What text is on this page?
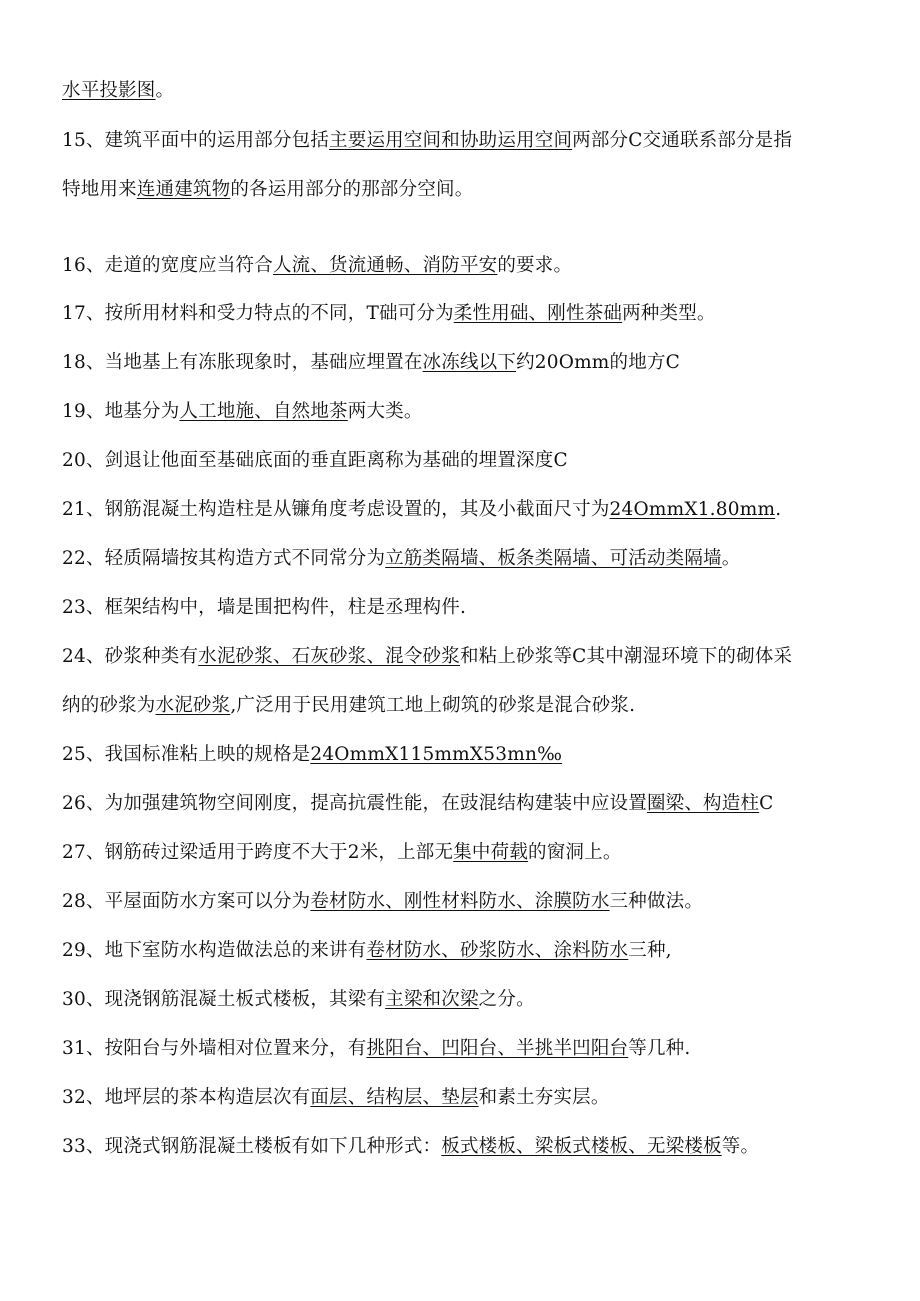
水平投影图。
15、建筑平面中的运用部分包括主要运用空间和协助运用空间两部分C交通联系部分是指
特地用来连通建筑物的各运用部分的那部分空间。
16、走道的宽度应当符合人流、货流通畅、消防平安的要求。
17、按所用材料和受力特点的不同，T础可分为柔性用础、刚性茶础两种类型。
18、当地基上有冻胀现象时，基础应埋置在冰冻线以下约20Omm的地方C
19、地基分为人工地施、自然地茶两大类。
20、剑退让他面至基础底面的垂直距离称为基础的埋置深度C
21、钢筋混凝土构造柱是从镰角度考虑设置的，其及小截面尺寸为24OmmX1.80mm.
22、轻质隔墙按其构造方式不同常分为立筋类隔墙、板条类隔墙、可活动类隔墙。
23、框架结构中，墙是围把构件，柱是丞理构件.
24、砂浆种类有水泥砂浆、石灰砂浆、混令砂浆和粘上砂浆等C其中潮湿环境下的砌体采
纳的砂浆为水泥砂浆,广泛用于民用建筑工地上砌筑的砂浆是混合砂浆.
25、我国标准粘上映的规格是24OmmX115mmX53mn‰
26、为加强建筑物空间刚度，提高抗震性能，在豉混结构建装中应设置圈梁、构造柱C
27、钢筋砖过梁适用于跨度不大于2米，上部无集中荷载的窗洞上。
28、平屋面防水方案可以分为卷材防水、刚性材料防水、涂膜防水三种做法。
29、地下室防水构造做法总的来讲有卷材防水、砂浆防水、涂料防水三种,
30、现浇钢筋混凝土板式楼板，其梁有主梁和次梁之分。
31、按阳台与外墙相对位置来分，有挑阳台、凹阳台、半挑半凹阳台等几种.
32、地坪层的茶本构造层次有面层、结构层、垫层和素土夯实层。
33、现浇式钢筋混凝土楼板有如下几种形式：板式楼板、梁板式楼板、无梁楼板等。
